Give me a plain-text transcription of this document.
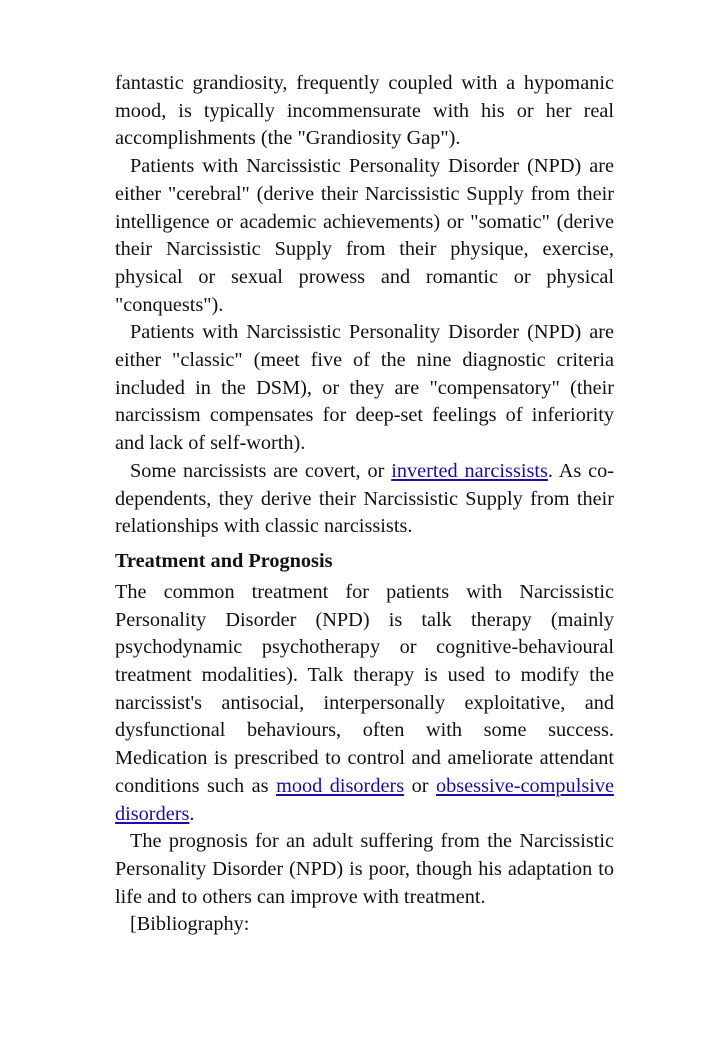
fantastic grandiosity, frequently coupled with a hypomanic mood, is typically incommensurate with his or her real accomplishments (the "Grandiosity Gap").

Patients with Narcissistic Personality Disorder (NPD) are either "cerebral" (derive their Narcissistic Supply from their intelligence or academic achievements) or "somatic" (derive their Narcissistic Supply from their physique, exercise, physical or sexual prowess and romantic or physical "conquests").

Patients with Narcissistic Personality Disorder (NPD) are either "classic" (meet five of the nine diagnostic criteria included in the DSM), or they are "compensatory" (their narcissism compensates for deep-set feelings of inferiority and lack of self-worth).

Some narcissists are covert, or inverted narcissists. As co-dependents, they derive their Narcissistic Supply from their relationships with classic narcissists.

Treatment and Prognosis

The common treatment for patients with Narcissistic Personality Disorder (NPD) is talk therapy (mainly psychodynamic psychotherapy or cognitive-behavioural treatment modalities). Talk therapy is used to modify the narcissist's antisocial, interpersonally exploitative, and dysfunctional behaviours, often with some success. Medication is prescribed to control and ameliorate attendant conditions such as mood disorders or obsessive-compulsive disorders.

The prognosis for an adult suffering from the Narcissistic Personality Disorder (NPD) is poor, though his adaptation to life and to others can improve with treatment.

[Bibliography:
